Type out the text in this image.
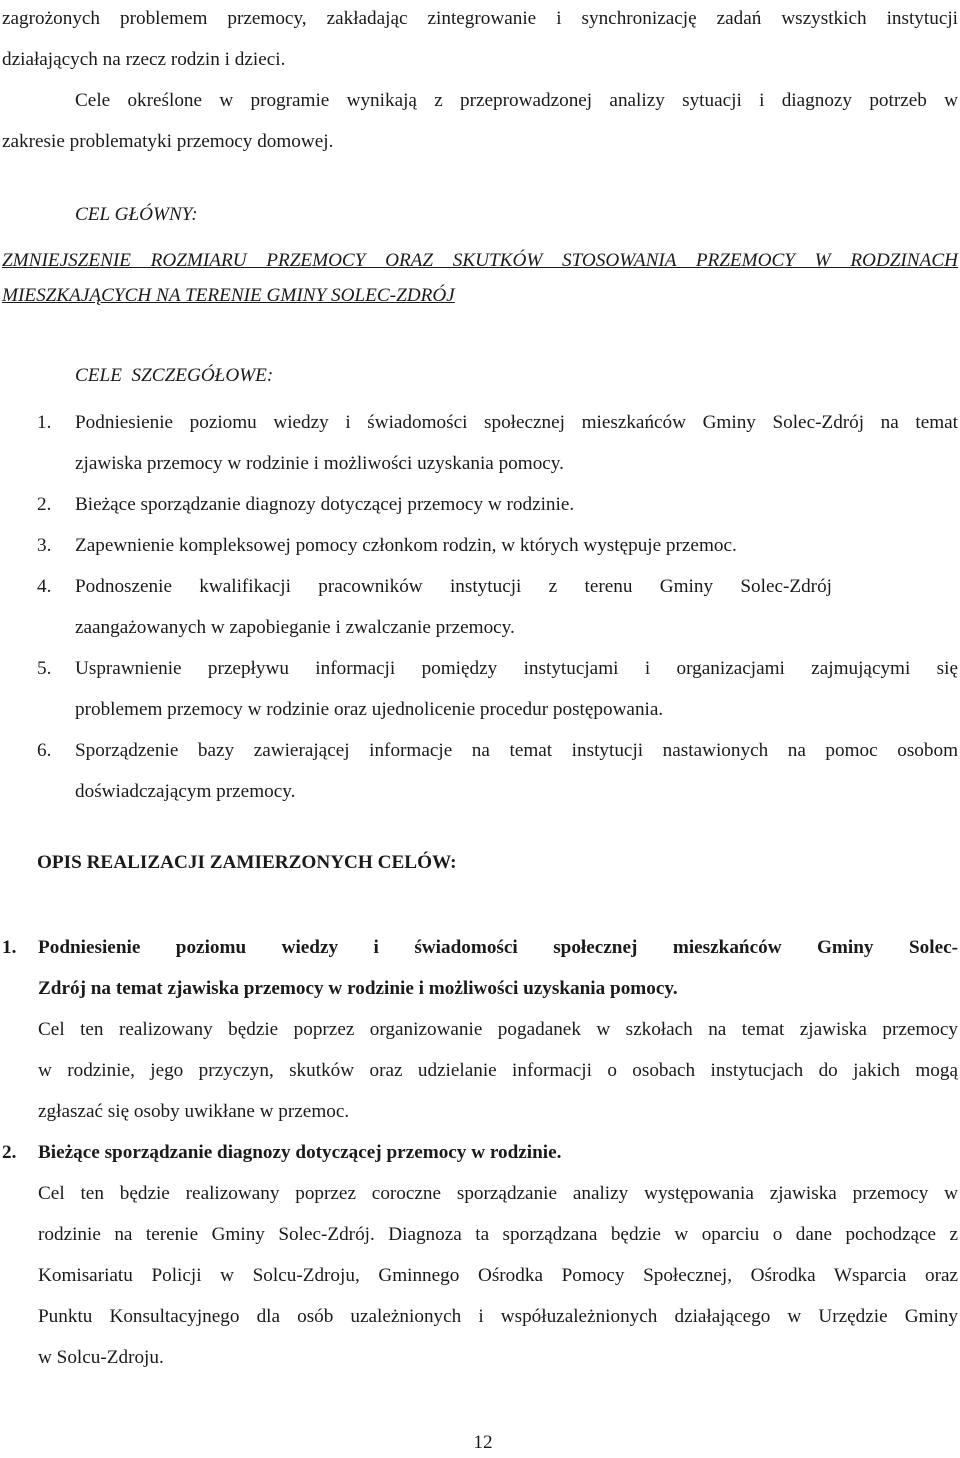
zagrożonych problemem przemocy, zakładając zintegrowanie i synchronizację zadań wszystkich instytucji
działających na rzecz rodzin i dzieci.
Cele określone w programie wynikają z przeprowadzonej analizy sytuacji i diagnozy potrzeb w
zakresie problematyki przemocy domowej.
CEL GŁÓWNY:
ZMNIEJSZENIE ROZMIARU PRZEMOCY ORAZ SKUTKÓW STOSOWANIA PRZEMOCY W RODZINACH
MIESZKAJĄCYCH NA TERENIE GMINY SOLEC-ZDRÓJ
CELE  SZCZEGÓŁOWE:
1. Podniesienie poziomu wiedzy i świadomości społecznej mieszkańców Gminy Solec-Zdrój na temat
zjawiska przemocy w rodzinie i możliwości uzyskania pomocy.
2. Bieżące sporządzanie diagnozy dotyczącej przemocy w rodzinie.
3. Zapewnienie kompleksowej pomocy członkom rodzin, w których występuje przemoc.
4. Podnoszenie kwalifikacji pracowników instytucji z terenu Gminy Solec-Zdrój
zaangażowanych w zapobieganie i zwalczanie przemocy.
5. Usprawnienie przepływu informacji pomiędzy instytucjami i organizacjami zajmującymi się
problemem przemocy w rodzinie oraz ujednolicenie procedur postępowania.
6. Sporządzenie bazy zawierającej informacje na temat instytucji nastawionych na pomoc osobom
doświadczającym przemocy.
OPIS REALIZACJI ZAMIERZONYCH CELÓW:
1. Podniesienie poziomu wiedzy i świadomości społecznej mieszkańców Gminy Solec-
Zdrój na temat zjawiska przemocy w rodzinie i możliwości uzyskania pomocy.
Cel ten realizowany będzie poprzez organizowanie pogadanek w szkołach na temat zjawiska przemocy
w rodzinie, jego przyczyn, skutków oraz udzielanie informacji o osobach instytucjach do jakich mogą
zgłaszać się osoby uwikłane w przemoc.
2. Bieżące sporządzanie diagnozy dotyczącej przemocy w rodzinie.
Cel ten będzie realizowany poprzez coroczne sporządzanie analizy występowania zjawiska przemocy w
rodzinie na terenie Gminy Solec-Zdrój. Diagnoza ta sporządzana będzie w oparciu o dane pochodzące z
Komisariatu Policji w Solcu-Zdroju, Gminnego Ośrodka Pomocy Społecznej, Ośrodka Wsparcia oraz
Punktu Konsultacyjnego dla osób uzależnionych i współuzależnionych działającego w Urzędzie Gminy
w Solcu-Zdroju.
12
